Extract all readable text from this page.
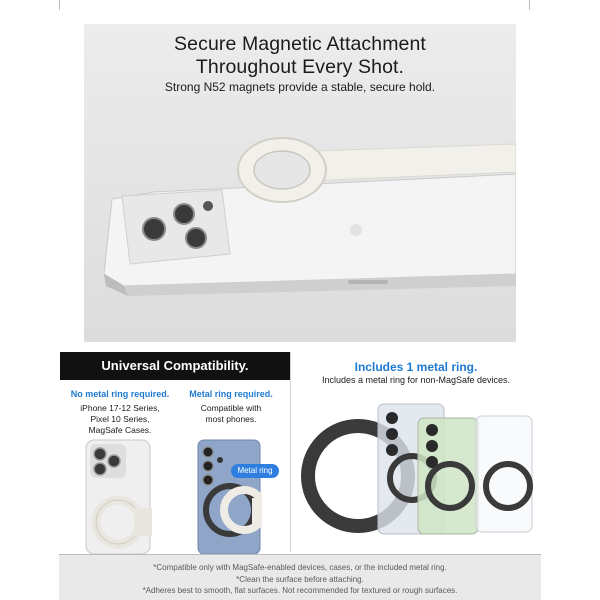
Secure Magnetic Attachment
Throughout Every Shot.
Strong N52 magnets provide a stable, secure hold.
Universal Compatibility.
No metal ring required.
iPhone 17-12 Series,
Pixel 10 Series,
MagSafe Cases.
Metal ring required.
Compatible with
most phones.
Metal ring
Includes 1 metal ring.
Includes a metal ring for non-MagSafe devices.
*Compatible only with MagSafe-enabled devices, cases, or the included metal ring.
*Clean the surface before attaching.
*Adheres best to smooth, flat surfaces. Not recommended for textured or rough surfaces.
